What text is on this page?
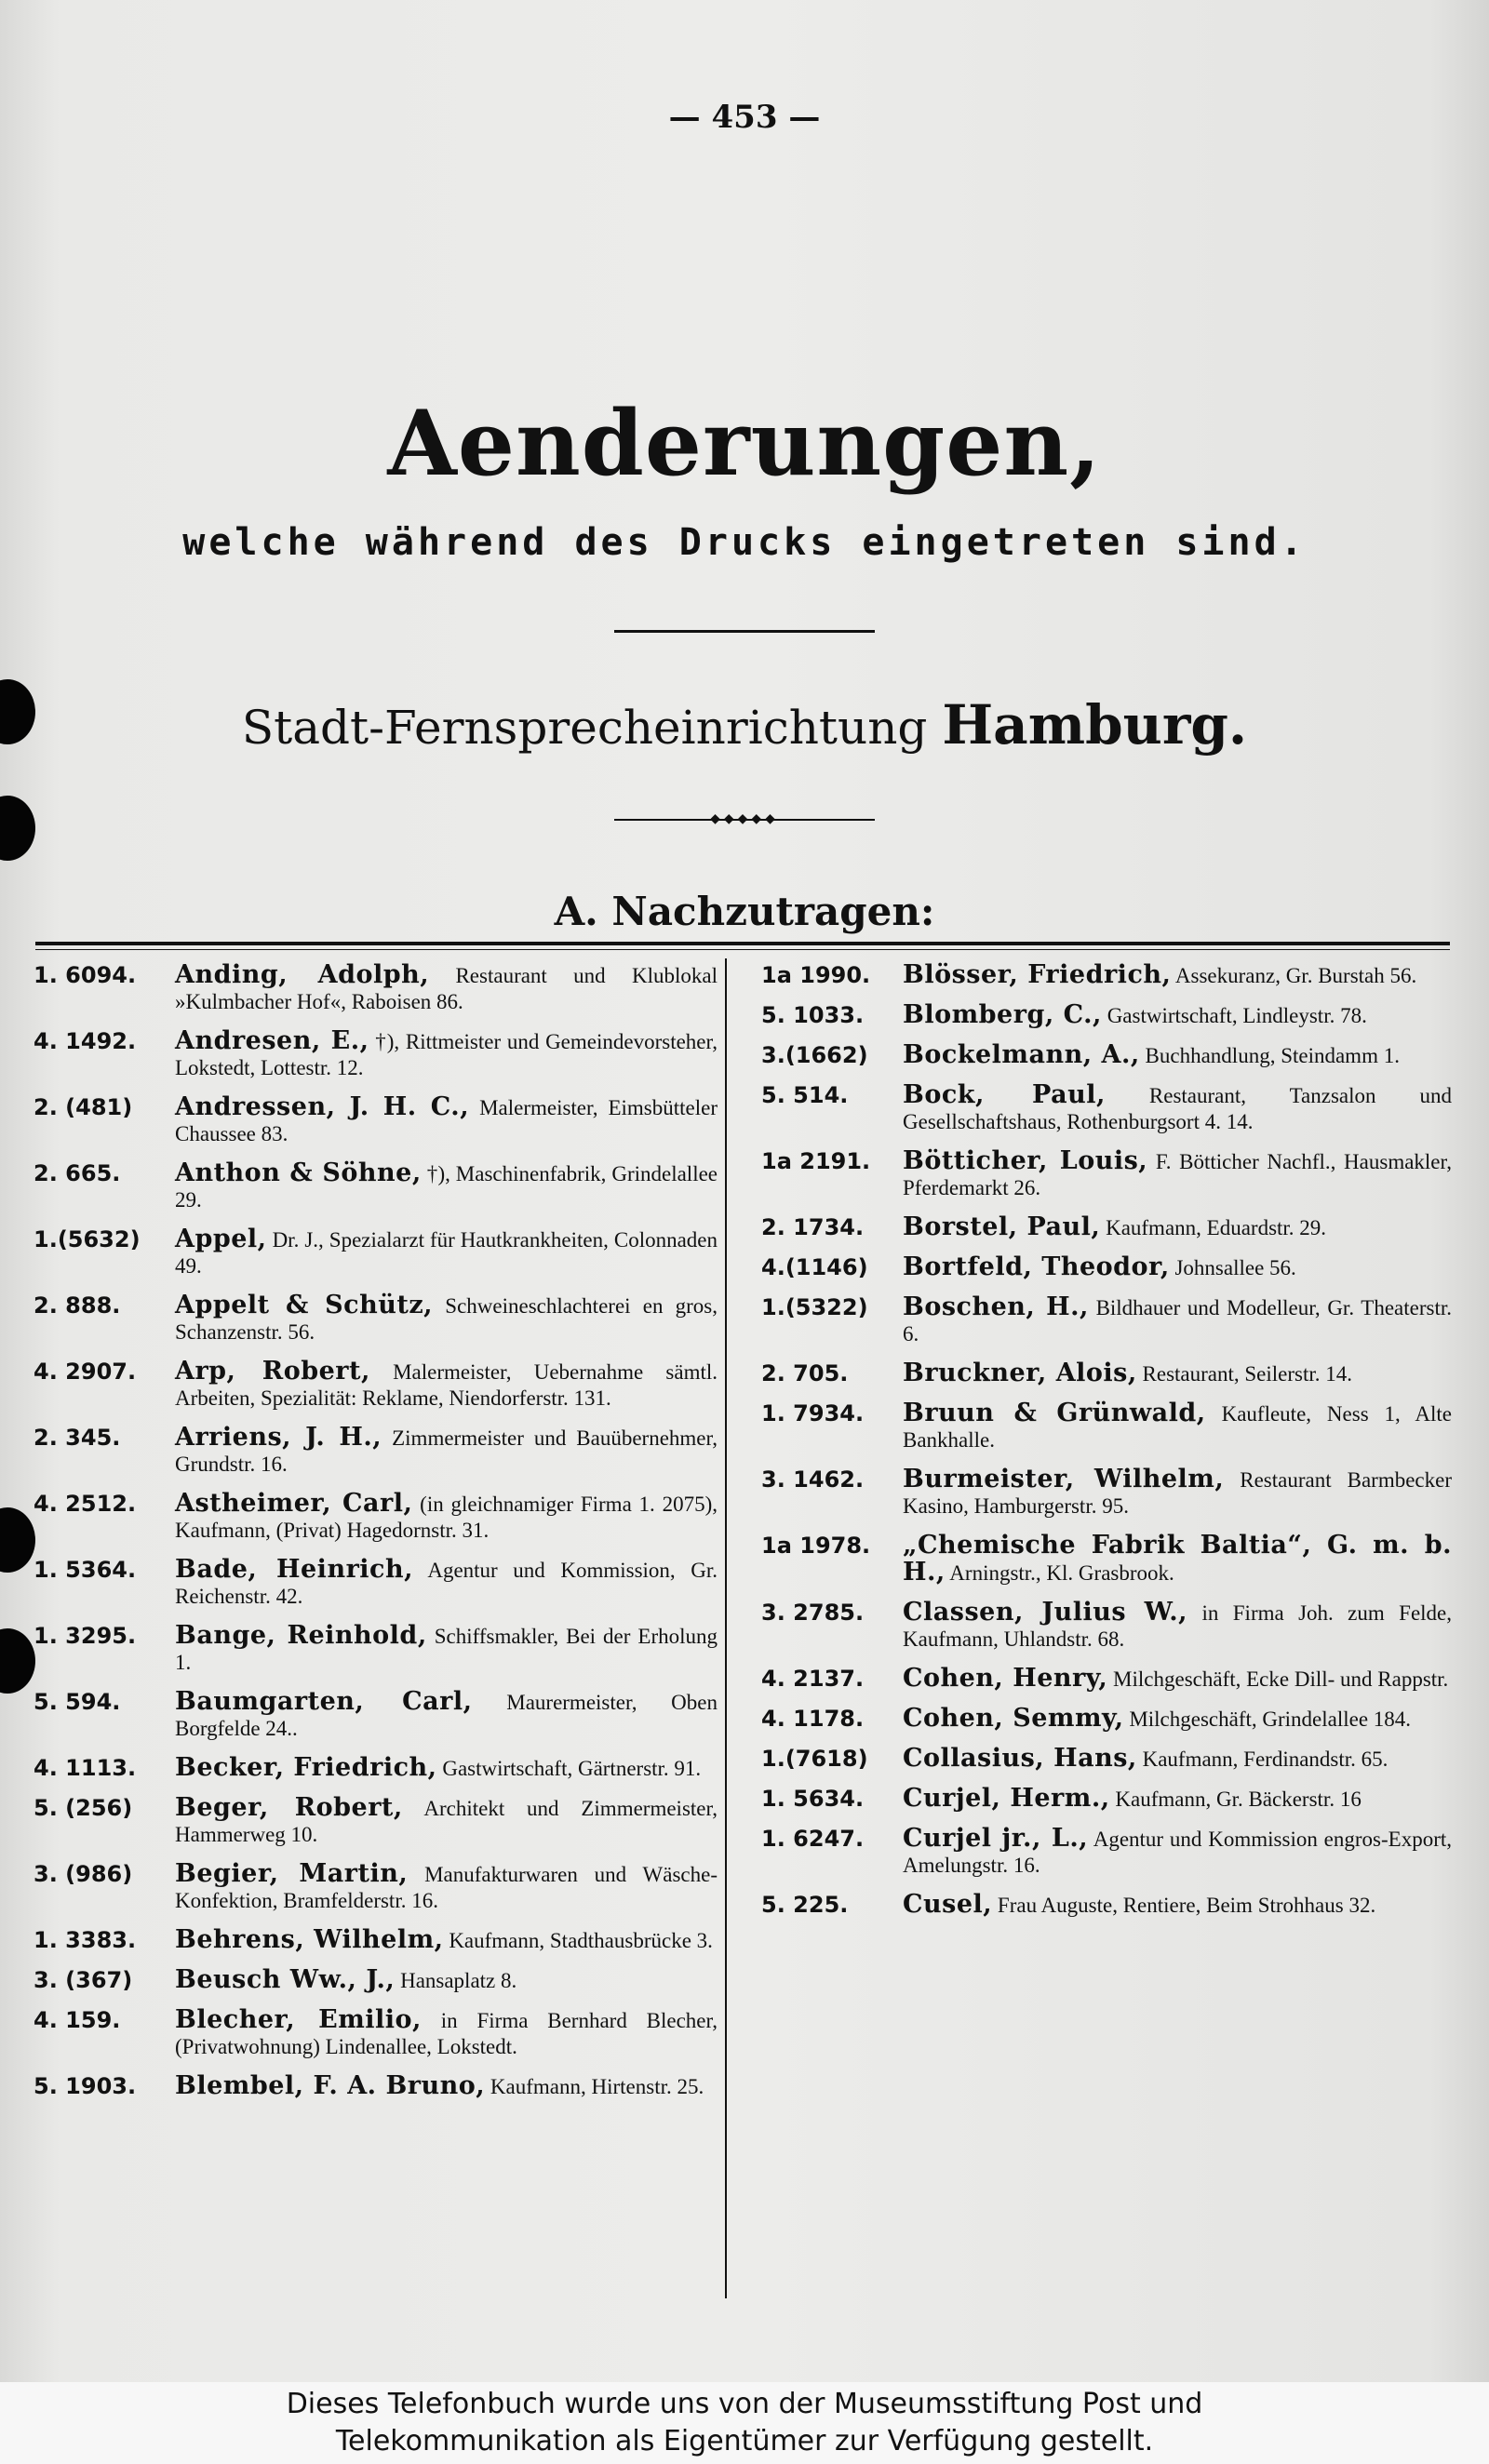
— 453 —
Aenderungen,
welche während des Drucks eingetreten sind.
Stadt-Fernsprecheinrichtung Hamburg.
◆◆◆◆◆
A. Nachzutragen:
1. 6094.	Anding, Adolph, Restaurant und Klublokal »Kulmbacher Hof«, Raboisen 86.
4. 1492.	Andresen, E., †), Rittmeister und Gemeindevorsteher, Lokstedt, Lottestr. 12.
2. (481)	Andressen, J. H. C., Malermeister, Eimsbütteler Chaussee 83.
2. 665.	Anthon & Söhne, †), Maschinenfabrik, Grindelallee 29.
1.(5632)	Appel, Dr. J., Spezialarzt für Hautkrankheiten, Colonnaden 49.
2. 888.	Appelt & Schütz, Schweineschlachterei en gros, Schanzenstr. 56.
4. 2907.	Arp, Robert, Malermeister, Uebernahme sämtl. Arbeiten, Spezialität: Reklame, Niendorferstr. 131.
2. 345.	Arriens, J. H., Zimmermeister und Bauübernehmer, Grundstr. 16.
4. 2512.	Astheimer, Carl, (in gleichnamiger Firma 1. 2075), Kaufmann, (Privat) Hagedornstr. 31.
1. 5364.	Bade, Heinrich, Agentur und Kommission, Gr. Reichenstr. 42.
1. 3295.	Bange, Reinhold, Schiffsmakler, Bei der Erholung 1.
5. 594.	Baumgarten, Carl, Maurermeister, Oben Borgfelde 24..
4. 1113.	Becker, Friedrich, Gastwirtschaft, Gärtnerstr. 91.
5. (256)	Beger, Robert, Architekt und Zimmermeister, Hammerweg 10.
3. (986)	Begier, Martin, Manufakturwaren und Wäsche-Konfektion, Bramfelderstr. 16.
1. 3383.	Behrens, Wilhelm, Kaufmann, Stadthausbrücke 3.
3. (367)	Beusch Ww., J., Hansaplatz 8.
4. 159.	Blecher, Emilio, in Firma Bernhard Blecher, (Privatwohnung) Lindenallee, Lokstedt.
5. 1903.	Blembel, F. A. Bruno, Kaufmann, Hirtenstr. 25.
1a 1990.	Blösser, Friedrich, Assekuranz, Gr. Burstah 56.
5. 1033.	Blomberg, C., Gastwirtschaft, Lindleystr. 78.
3.(1662)	Bockelmann, A., Buchhandlung, Steindamm 1.
5. 514.	Bock, Paul, Restaurant, Tanzsalon und Gesellschaftshaus, Rothenburgsort 4. 14.
1a 2191.	Bötticher, Louis, F. Bötticher Nachfl., Hausmakler, Pferdemarkt 26.
2. 1734.	Borstel, Paul, Kaufmann, Eduardstr. 29.
4.(1146)	Bortfeld, Theodor, Johnsallee 56.
1.(5322)	Boschen, H., Bildhauer und Modelleur, Gr. Theaterstr. 6.
2. 705.	Bruckner, Alois, Restaurant, Seilerstr. 14.
1. 7934.	Bruun & Grünwald, Kaufleute, Ness 1, Alte Bankhalle.
3. 1462.	Burmeister, Wilhelm, Restaurant Barmbecker Kasino, Hamburgerstr. 95.
1a 1978.	„Chemische Fabrik Baltia“, G. m. b. H., Arningstr., Kl. Grasbrook.
3. 2785.	Classen, Julius W., in Firma Joh. zum Felde, Kaufmann, Uhlandstr. 68.
4. 2137.	Cohen, Henry, Milchgeschäft, Ecke Dill- und Rappstr.
4. 1178.	Cohen, Semmy, Milchgeschäft, Grindelallee 184.
1.(7618)	Collasius, Hans, Kaufmann, Ferdinandstr. 65.
1. 5634.	Curjel, Herm., Kaufmann, Gr. Bäckerstr. 16
1. 6247.	Curjel jr., L., Agentur und Kommission engros-Export, Amelungstr. 16.
5. 225.	Cusel, Frau Auguste, Rentiere, Beim Strohhaus 32.
Dieses Telefonbuch wurde uns von der Museumsstiftung Post und
Telekommunikation als Eigentümer zur Verfügung gestellt.
